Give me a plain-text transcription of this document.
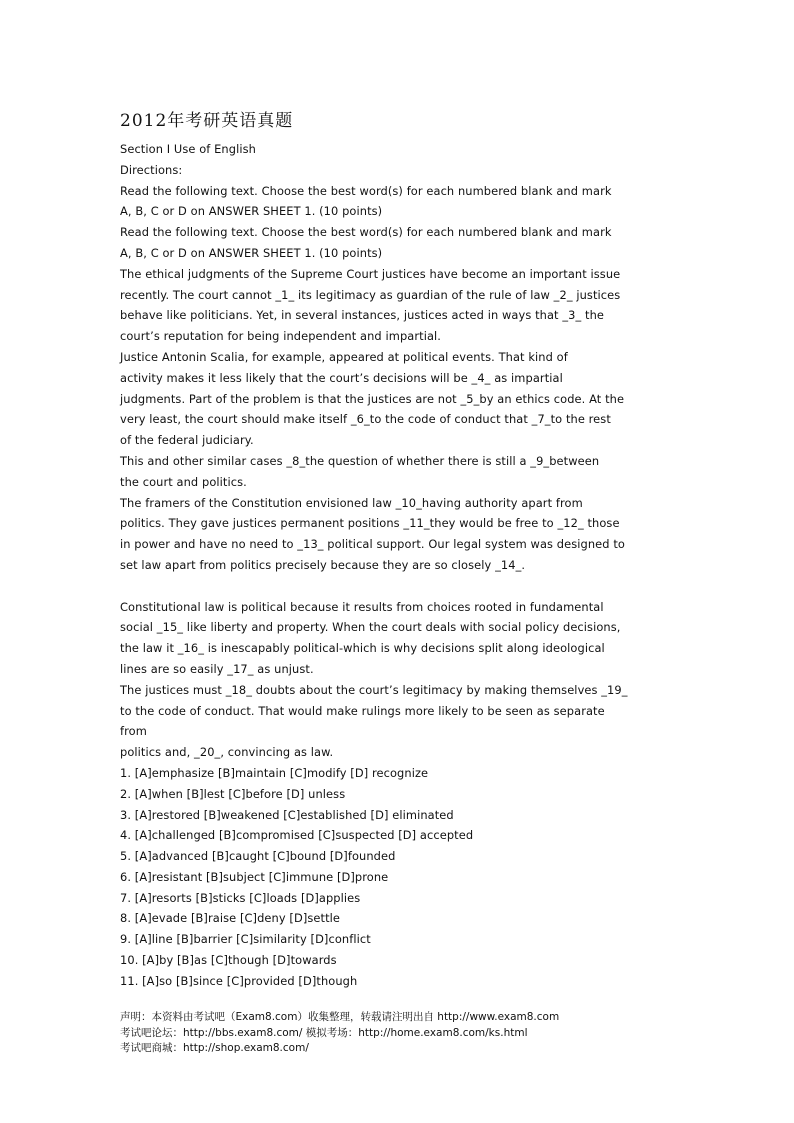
2012年考研英语真题
Section I Use of English
Directions:
Read the following text. Choose the best word(s) for each numbered blank and mark
A, B, C or D on ANSWER SHEET 1. (10 points)
Read the following text. Choose the best word(s) for each numbered blank and mark
A, B, C or D on ANSWER SHEET 1. (10 points)
The ethical judgments of the Supreme Court justices have become an important issue
recently. The court cannot _1_ its legitimacy as guardian of the rule of law _2_ justices
behave like politicians. Yet, in several instances, justices acted in ways that _3_ the
court’s reputation for being independent and impartial.
Justice Antonin Scalia, for example, appeared at political events. That kind of
activity makes it less likely that the court’s decisions will be _4_ as impartial
judgments. Part of the problem is that the justices are not _5_by an ethics code. At the
very least, the court should make itself _6_to the code of conduct that _7_to the rest
of the federal judiciary.
This and other similar cases _8_the question of whether there is still a _9_between
the court and politics.
The framers of the Constitution envisioned law _10_having authority apart from
politics. They gave justices permanent positions _11_they would be free to _12_ those
in power and have no need to _13_ political support. Our legal system was designed to
set law apart from politics precisely because they are so closely _14_.
Constitutional law is political because it results from choices rooted in fundamental
social _15_ like liberty and property. When the court deals with social policy decisions,
the law it _16_ is inescapably political-which is why decisions split along ideological
lines are so easily _17_ as unjust.
The justices must _18_ doubts about the court’s legitimacy by making themselves _19_
to the code of conduct. That would make rulings more likely to be seen as separate
from
politics and, _20_, convincing as law.
1. [A]emphasize [B]maintain [C]modify [D] recognize
2. [A]when [B]lest [C]before [D] unless
3. [A]restored [B]weakened [C]established [D] eliminated
4. [A]challenged [B]compromised [C]suspected [D] accepted
5. [A]advanced [B]caught [C]bound [D]founded
6. [A]resistant [B]subject [C]immune [D]prone
7. [A]resorts [B]sticks [C]loads [D]applies
8. [A]evade [B]raise [C]deny [D]settle
9. [A]line [B]barrier [C]similarity [D]conflict
10. [A]by [B]as [C]though [D]towards
11. [A]so [B]since [C]provided [D]though
声明：本资料由考试吧（Exam8.com）收集整理，转载请注明出自 http://www.exam8.com
考试吧论坛：http://bbs.exam8.com/ 模拟考场：http://home.exam8.com/ks.html
考试吧商城：http://shop.exam8.com/
